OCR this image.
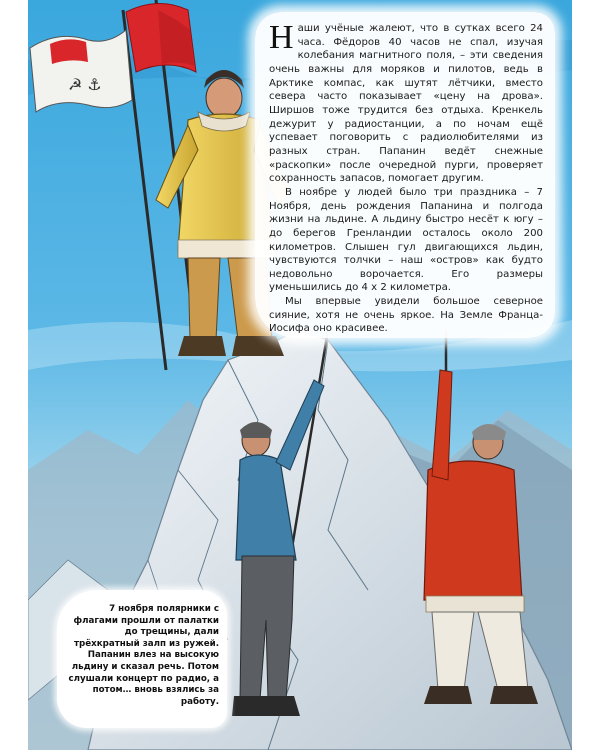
☭ ⚓

Наши учёные жалеют, что в сутках всего 24 часа. Фёдоров 40 часов не спал, изучая колебания магнитного поля, – эти сведения очень важны для моряков и пилотов, ведь в Арктике компас, как шутят лётчики, вместо севера часто показывает «цену на дрова». Ширшов тоже трудится без отдыха. Кренкель дежурит у радиостанции, а по ночам ещё успевает поговорить с радиолюбителями из разных стран. Папанин ведёт снежные «раскопки» после очередной пурги, проверяет сохранность запасов, помогает другим.

В ноябре у людей было три праздника – 7 Ноября, день рождения Папанина и полгода жизни на льдине. А льдину быстро несёт к югу – до берегов Гренландии осталось около 200 километров. Слышен гул двигающихся льдин, чувствуются толчки – наш «остров» как будто недовольно ворочается. Его размеры уменьшились до 4 х 2 километра.

Мы впервые увидели большое северное сияние, хотя не очень яркое. На Земле Франца-Иосифа оно красивее.

7 ноября полярники с флагами прошли от палатки до трещины, дали трёхкратный залп из ружей. Папанин влез на высокую льдину и сказал речь. Потом слушали концерт по радио, а потом… вновь взялись за работу.
